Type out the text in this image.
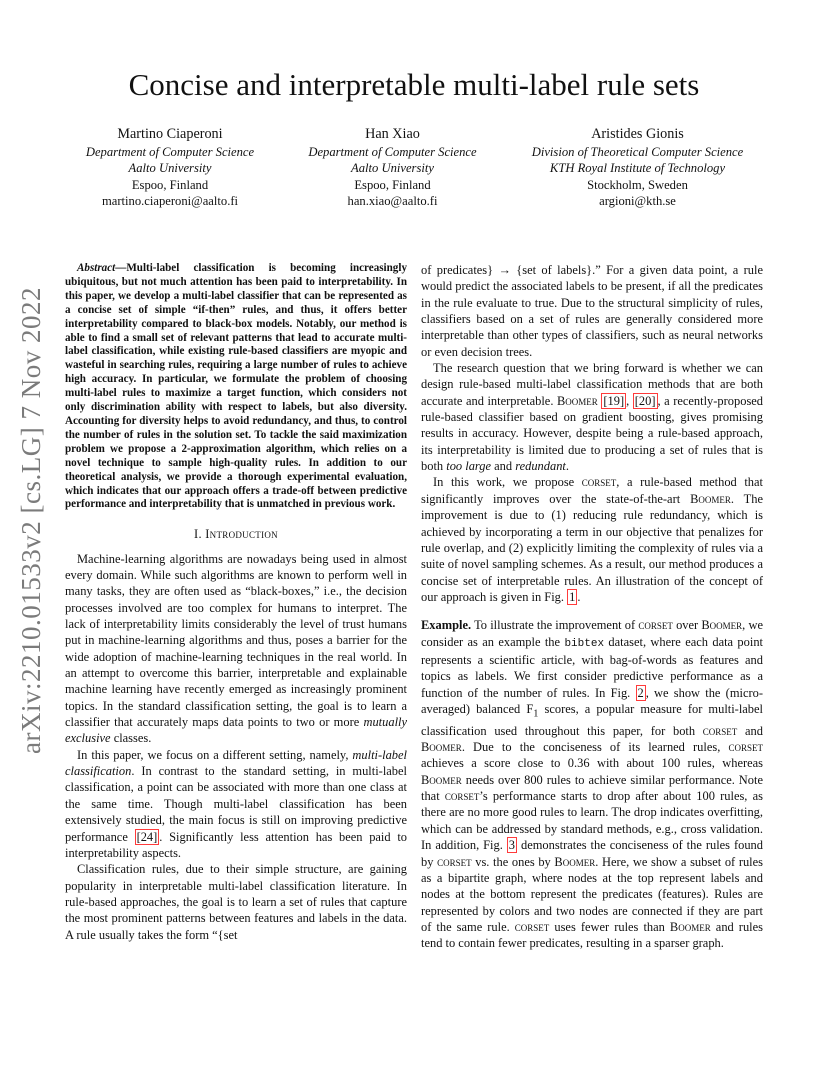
arXiv:2210.01533v2 [cs.LG] 7 Nov 2022
Concise and interpretable multi-label rule sets
Martino Ciaperoni
Department of Computer Science
Aalto University
Espoo, Finland
martino.ciaperoni@aalto.fi
Han Xiao
Department of Computer Science
Aalto University
Espoo, Finland
han.xiao@aalto.fi
Aristides Gionis
Division of Theoretical Computer Science
KTH Royal Institute of Technology
Stockholm, Sweden
argioni@kth.se

Abstract—Multi-label classification is becoming increasingly ubiquitous, but not much attention has been paid to interpretability. In this paper, we develop a multi-label classifier that can be represented as a concise set of simple “if-then” rules, and thus, it offers better interpretability compared to black-box models. Notably, our method is able to find a small set of relevant patterns that lead to accurate multi-label classification, while existing rule-based classifiers are myopic and wasteful in searching rules, requiring a large number of rules to achieve high accuracy. In particular, we formulate the problem of choosing multi-label rules to maximize a target function, which considers not only discrimination ability with respect to labels, but also diversity. Accounting for diversity helps to avoid redundancy, and thus, to control the number of rules in the solution set. To tackle the said maximization problem we propose a 2-approximation algorithm, which relies on a novel technique to sample high-quality rules. In addition to our theoretical analysis, we provide a thorough experimental evaluation, which indicates that our approach offers a trade-off between predictive performance and interpretability that is unmatched in previous work.

I. Introduction

Machine-learning algorithms are nowadays being used in almost every domain. While such algorithms are known to perform well in many tasks, they are often used as “black-boxes,” i.e., the decision processes involved are too complex for humans to interpret. The lack of interpretability limits considerably the level of trust humans put in machine-learning algorithms and thus, poses a barrier for the wide adoption of machine-learning techniques in the real world. In an attempt to overcome this barrier, interpretable and explainable machine learning have recently emerged as increasingly prominent topics. In the standard classification setting, the goal is to learn a classifier that accurately maps data points to two or more mutually exclusive classes.

In this paper, we focus on a different setting, namely, multi-label classification. In contrast to the standard setting, in multi-label classification, a point can be associated with more than one class at the same time. Though multi-label classification has been extensively studied, the main focus is still on improving predictive performance [24] . Significantly less attention has been paid to interpretability aspects.

Classification rules, due to their simple structure, are gaining popularity in interpretable multi-label classification literature. In rule-based approaches, the goal is to learn a set of rules that capture the most prominent patterns between features and labels in the data. A rule usually takes the form “{set

of predicates} → {set of labels}.” For a given data point, a rule would predict the associated labels to be present, if all the predicates in the rule evaluate to true. Due to the structural simplicity of rules, classifiers based on a set of rules are generally considered more interpretable than other types of classifiers, such as neural networks or even decision trees.

The research question that we bring forward is whether we can design rule-based multi-label classification methods that are both accurate and interpretable. Boomer [19] , [20] , a recently-proposed rule-based classifier based on gradient boosting, gives promising results in accuracy. However, despite being a rule-based approach, its interpretability is limited due to producing a set of rules that is both too large and redundant.

In this work, we propose corset, a rule-based method that significantly improves over the state-of-the-art Boomer. The improvement is due to (1) reducing rule redundancy, which is achieved by incorporating a term in our objective that penalizes for rule overlap, and (2) explicitly limiting the complexity of rules via a suite of novel sampling schemes. As a result, our method produces a concise set of interpretable rules. An illustration of the concept of our approach is given in Fig. 1 .

Example. To illustrate the improvement of corset over Boomer, we consider as an example the bibtex dataset, where each data point represents a scientific article, with bag-of-words as features and topics as labels. We first consider predictive performance as a function of the number of rules. In Fig. 2 , we show the (micro-averaged) balanced $F_1$ scores, a popular measure for multi-label classification used throughout this paper, for both corset and Boomer. Due to the conciseness of its learned rules, corset achieves a score close to 0.36 with about 100 rules, whereas Boomer needs over 800 rules to achieve similar performance. Note that corset’s performance starts to drop after about 100 rules, as there are no more good rules to learn. The drop indicates overfitting, which can be addressed by standard methods, e.g., cross validation. In addition, Fig. 3 demonstrates the conciseness of the rules found by corset vs. the ones by Boomer. Here, we show a subset of rules as a bipartite graph, where nodes at the top represent labels and nodes at the bottom represent the predicates (features). Rules are represented by colors and two nodes are connected if they are part of the same rule. corset uses fewer rules than Boomer and rules tend to contain fewer predicates, resulting in a sparser graph.
